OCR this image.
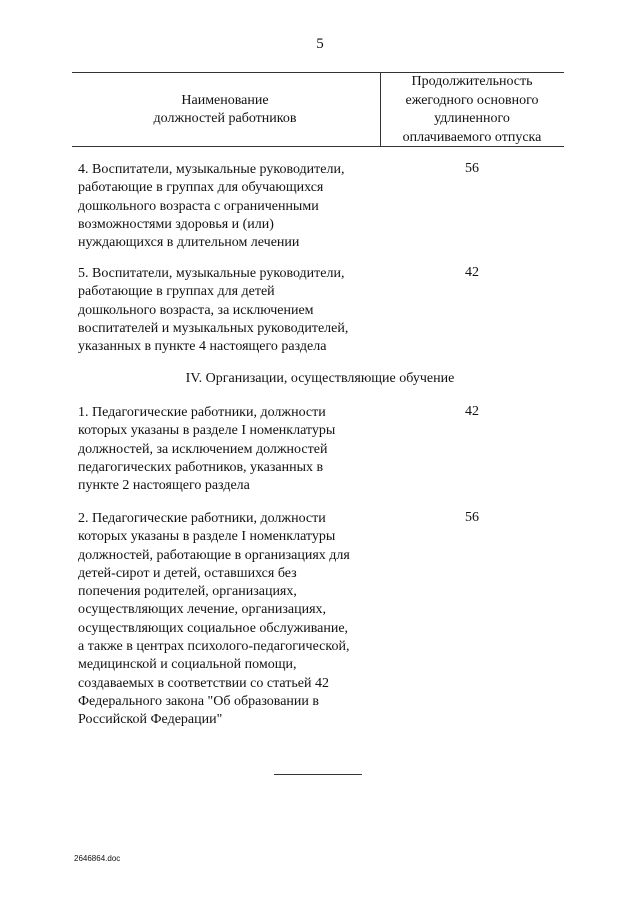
5
Наименование
должностей работников
Продолжительность
ежегодного основного
удлиненного
оплачиваемого отпуска
4. Воспитатели, музыкальные руководители,
работающие в группах для обучающихся
дошкольного возраста с ограниченными
возможностями здоровья и (или)
нуждающихся в длительном лечении
56
5. Воспитатели, музыкальные руководители,
работающие в группах для детей
дошкольного возраста, за исключением
воспитателей и музыкальных руководителей,
указанных в пункте 4 настоящего раздела
42
IV. Организации, осуществляющие обучение
1. Педагогические работники, должности
которых указаны в разделе I номенклатуры
должностей, за исключением должностей
педагогических работников, указанных в
пункте 2 настоящего раздела
42
2. Педагогические работники, должности
которых указаны в разделе I номенклатуры
должностей, работающие в организациях для
детей-сирот и детей, оставшихся без
попечения родителей, организациях,
осуществляющих лечение, организациях,
осуществляющих социальное обслуживание,
а также в центрах психолого-педагогической,
медицинской и социальной помощи,
создаваемых в соответствии со статьей 42
Федерального закона "Об образовании в
Российской Федерации"
56
2646864.doc
